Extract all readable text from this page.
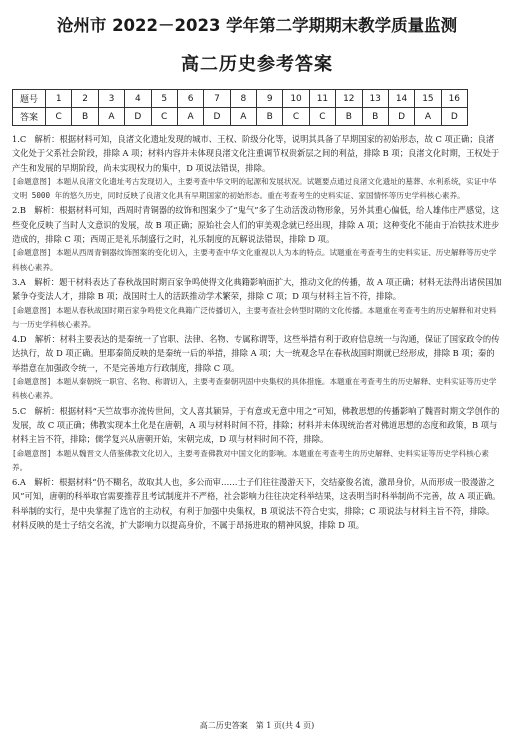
沧州市 2022－2023 学年第二学期期末教学质量监测
高二历史参考答案
题号	1	2	3	4	5	6	7	8	9	10	11	12	13	14	15	16
答案	C	B	A	D	C	A	D	A	B	C	C	B	B	D	A	D

1.C　解析：根据材料可知，良渚文化遗址发现的城市、王权、阶级分化等，说明其具备了早期国家的初始形态，故 C 项正确；良渚文化处于父系社会阶段，排除 A 项；材料内容并未体现良渚文化注重调节权贵新层之间的利益，排除 B 项；良渚文化时期，王权处于产生和发展的早期阶段，尚未实现权力的集中，D 项说法错误，排除。

[命题意图] 本题从良渚文化遗址考古发现切入，主要考查中华文明的起源和发展状况。试题要点通过良渚文化遗址的墓葬、水利系统，实证中华文明 5000 年的悠久历史，同时反映了良渚文化具有早期国家的初始形态。重在考查考生的史料实证、家国情怀等历史学科核心素养。

2.B　解析：根据材料可知，西周时青铜器的纹饰和图案少了“鬼气”多了生动活泼动物形象，另外其重心偏低，给人雄伟庄严感觉，这些变化反映了当时人文意识的发展，故 B 项正确；原始社会人们的审美观念就已经出现，排除 A 项；这种变化不能由于冶铁技术进步造成的，排除 C 项；西周正是礼乐制盛行之时，礼乐制度的瓦解说法错误，排除 D 项。

[命题意图] 本题从西周青铜器纹饰图案的变化切入，主要考查中华文化重视以人为本的特点。试题重在考查考生的史料实证、历史解释等历史学科核心素养。

3.A　解析：题干材料表达了春秋战国时期百家争鸣使得文化典籍影响面扩大，推动文化的传播，故 A 项正确；材料无法得出诸侯国加紧争夺变法人才，排除 B 项；战国时士人的活跃推动学术繁荣，排除 C 项；D 项与材料主旨不符，排除。

[命题意图] 本题从春秋战国时期百家争鸣使文化典籍广泛传播切入，主要考查社会转型时期的文化传播。本题重在考查考生的历史解释和对史料与一历史学科核心素养。

4.D　解析：材料主要表达的是秦统一了官职、法律、名物、专属称谓等，这些举措有利于政府信息统一与沟通，保证了国家政令的传达执行，故 D 项正确。里耶秦简反映的是秦统一后的举措，排除 A 项；大一统观念早在春秋战国时期就已经形成，排除 B 项；秦的举措意在加强政令统一，不是完善地方行政制度，排除 C 项。

[命题意图] 本题从秦朝统一职官、名物、称谓切入，主要考查秦朝巩固中央集权的具体措施。本题重在考查考生的历史解释、史料实证等历史学科核心素养。

5.C　解析：根据材料“天竺故事亦流传世间，文人喜其颖异，于有意或无意中用之”可知，佛教思想的传播影响了魏晋时期文学创作的发展，故 C 项正确；佛教实现本土化是在唐朝，A 项与材料时间不符，排除；材料并未体现统治者对佛道思想的态度和政策，B 项与材料主旨不符，排除；儒学复兴从唐朝开始，宋朝完成，D 项与材料时间不符，排除。

[命题意图] 本题从魏晋文人借鉴佛教文化切入，主要考查佛教对中国文化的影响。本题重在考查考生的历史解释、史料实证等历史学科核心素养。

6.A　解析：根据材料“仍不糊名，故取其人也，多公而审……士子们往往漫游天下，交结豪俊名流，激昂身价，从而形成一股漫游之风”可知，唐朝的科举取官需要推荐且考试制度并不严格，社会影响力往往决定科举结果，这表明当时科举制尚不完善，故 A 项正确。科举制的实行，是中央掌握了选官的主动权，有利于加强中央集权，B 项说法不符合史实，排除；C 项说法与材料主旨不符，排除。材料反映的是士子结交名流，扩大影响力以提高身价，不属于昂扬进取的精神风貌，排除 D 项。

高二历史答案　第 1 页(共 4 页)
